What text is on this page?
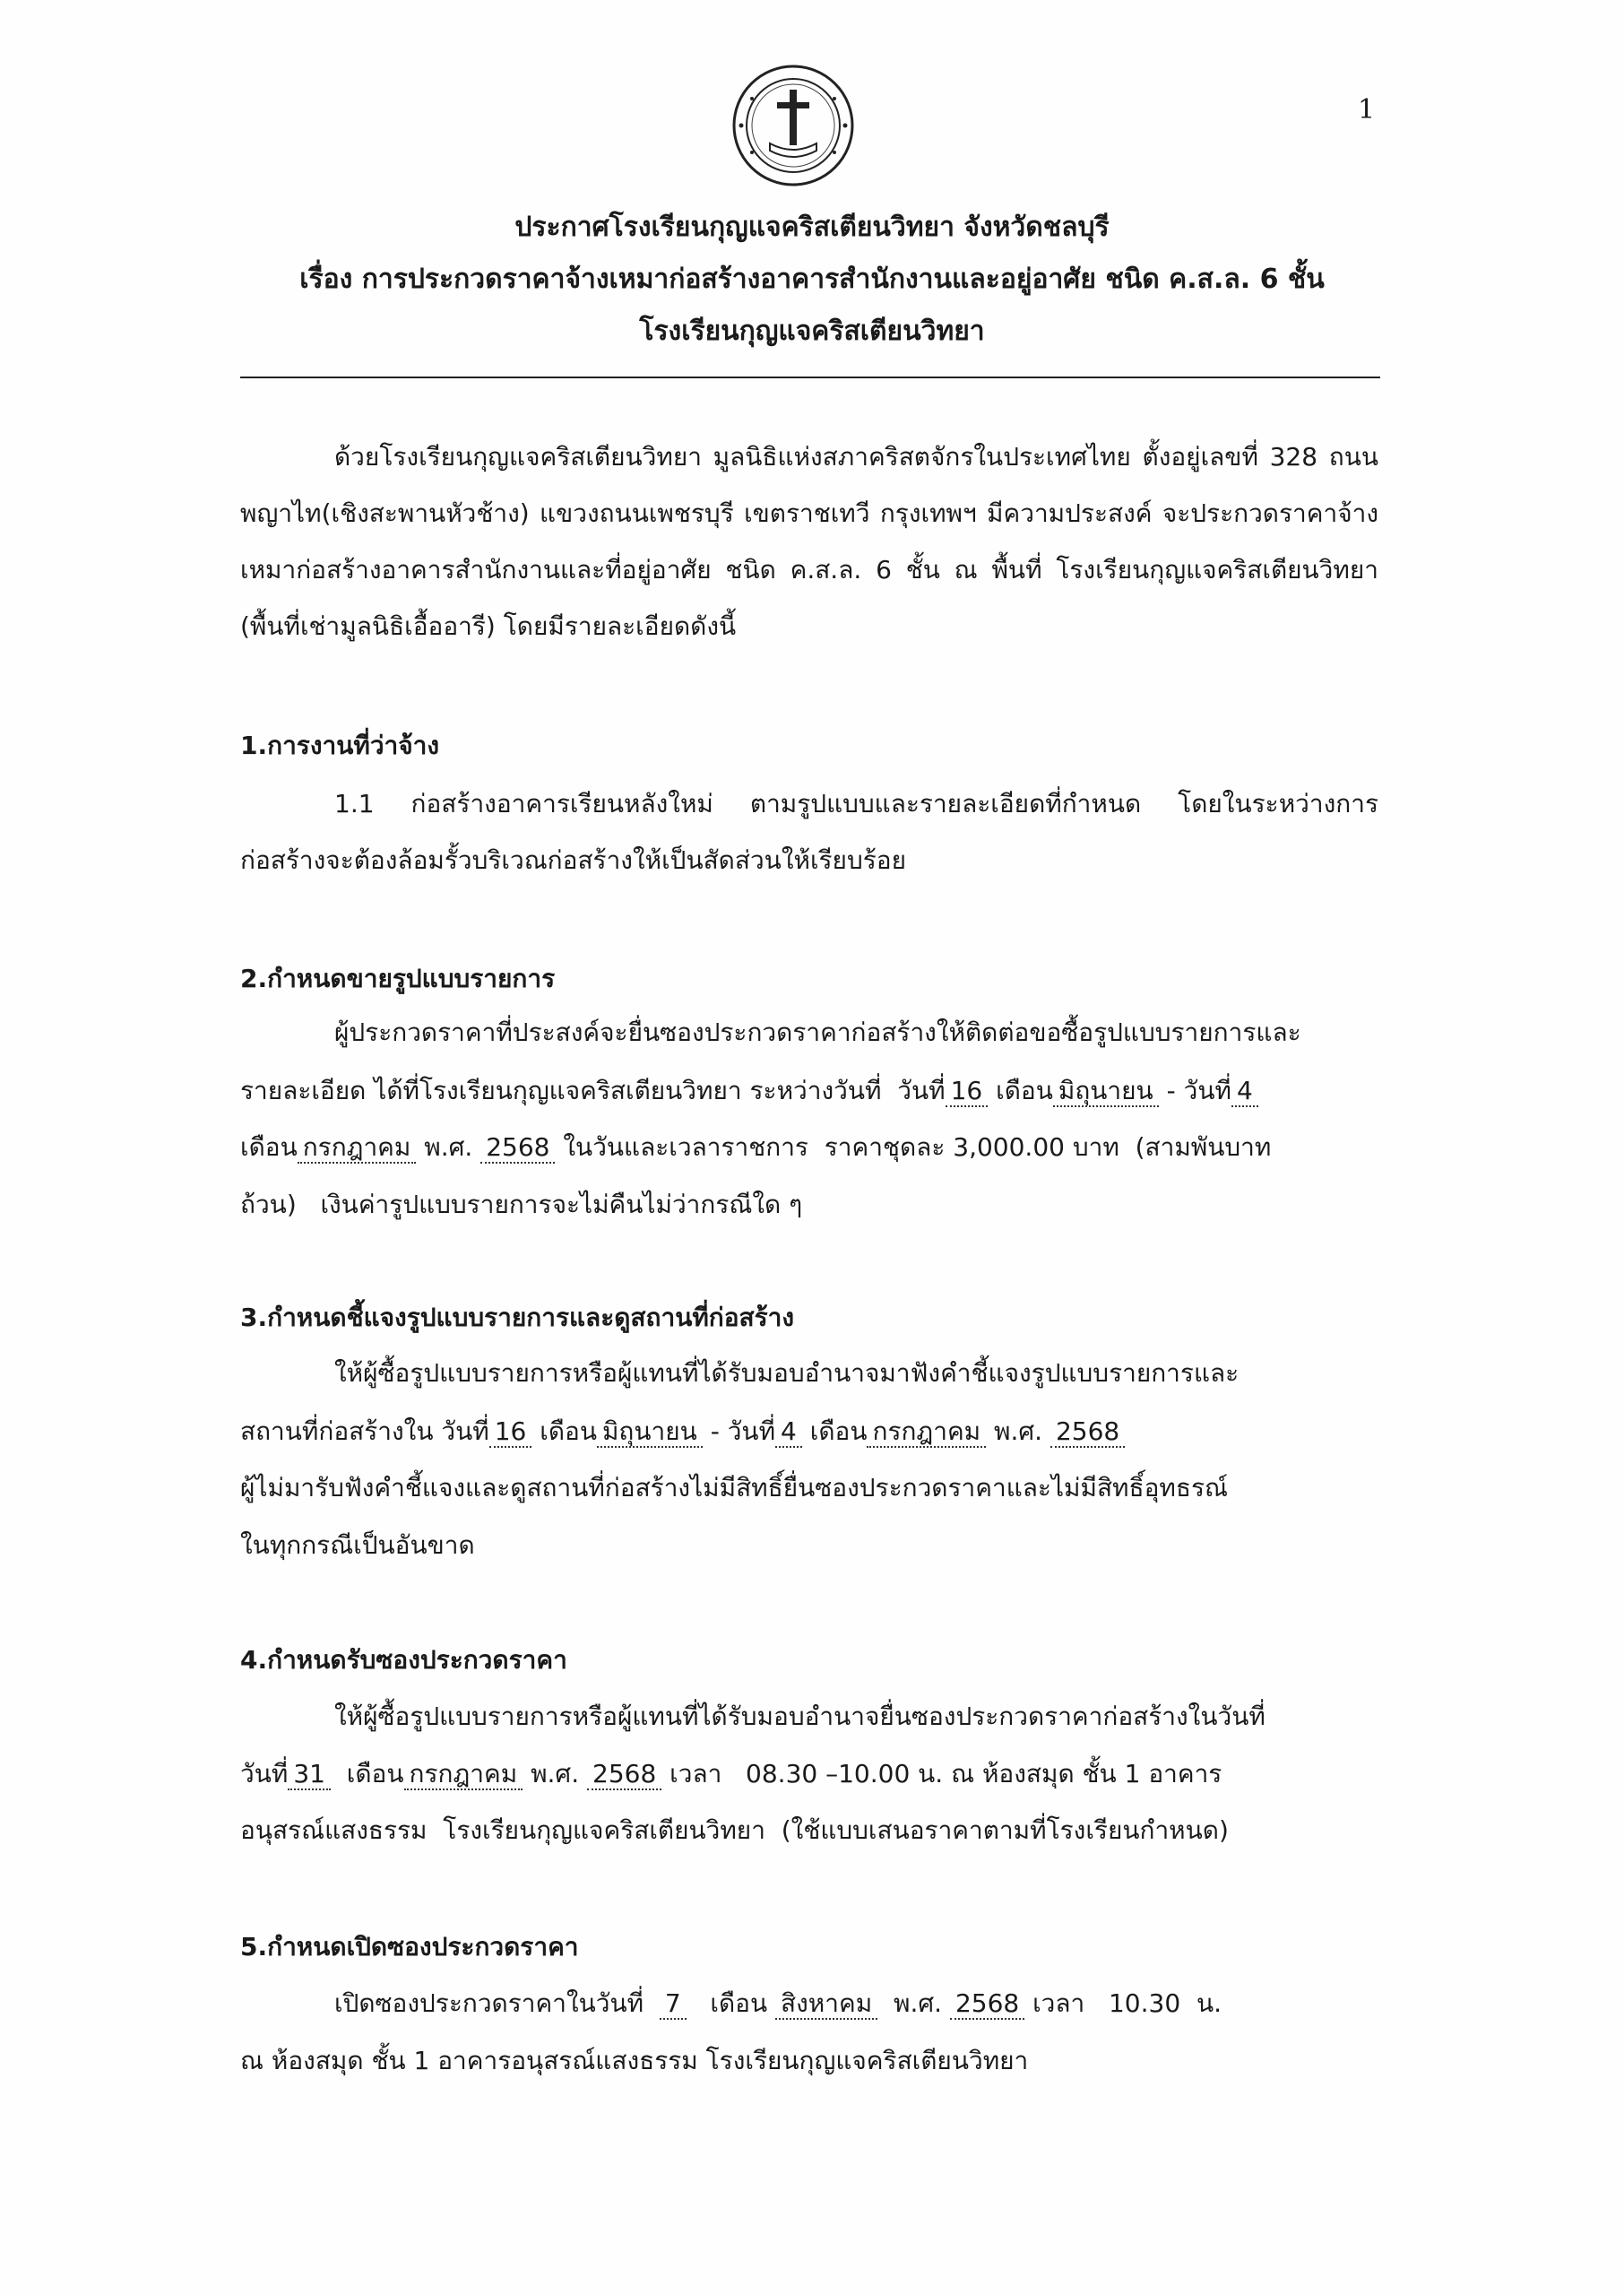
1
ประกาศโรงเรียนกุญแจคริสเตียนวิทยา จังหวัดชลบุรี
เรื่อง การประกวดราคาจ้างเหมาก่อสร้างอาคารสำนักงานและอยู่อาศัย ชนิด ค.ส.ล. 6 ชั้น
โรงเรียนกุญแจคริสเตียนวิทยา
ด้วยโรงเรียนกุญแจคริสเตียนวิทยา มูลนิธิแห่งสภาคริสตจักรในประเทศไทย ตั้งอยู่เลขที่ 328 ถนนพญาไท(เชิงสะพานหัวช้าง) แขวงถนนเพชรบุรี เขตราชเทวี กรุงเทพฯ มีความประสงค์ จะประกวดราคาจ้างเหมาก่อสร้างอาคารสำนักงานและที่อยู่อาศัย ชนิด ค.ส.ล. 6 ชั้น ณ พื้นที่ โรงเรียนกุญแจคริสเตียนวิทยา (พื้นที่เช่ามูลนิธิเอื้ออารี) โดยมีรายละเอียดดังนี้
1.การงานที่ว่าจ้าง
1.1 ก่อสร้างอาคารเรียนหลังใหม่ ตามรูปแบบและรายละเอียดที่กำหนด โดยในระหว่างการ ก่อสร้างจะต้องล้อมรั้วบริเวณก่อสร้างให้เป็นสัดส่วนให้เรียบร้อย
2.กำหนดขายรูปแบบรายการ
ผู้ประกวดราคาที่ประสงค์จะยื่นซองประกวดราคาก่อสร้างให้ติดต่อขอซื้อรูปแบบรายการและ
รายละเอียด ได้ที่โรงเรียนกุญแจคริสเตียนวิทยา ระหว่างวันที่  วันที่ 16 เดือน มิถุนายน - วันที่ 4
เดือน กรกฎาคม พ.ศ. 2568 ในวันและเวลาราชการ  ราคาชุดละ 3,000.00 บาท  (สามพันบาท
ถ้วน)   เงินค่ารูปแบบรายการจะไม่คืนไม่ว่ากรณีใด ๆ
3.กำหนดชี้แจงรูปแบบรายการและดูสถานที่ก่อสร้าง
ให้ผู้ซื้อรูปแบบรายการหรือผู้แทนที่ได้รับมอบอำนาจมาฟังคำชี้แจงรูปแบบรายการและ
สถานที่ก่อสร้างใน วันที่ 16 เดือน มิถุนายน - วันที่ 4 เดือน กรกฎาคม พ.ศ. 2568
ผู้ไม่มารับฟังคำชี้แจงและดูสถานที่ก่อสร้างไม่มีสิทธิ์ยื่นซองประกวดราคาและไม่มีสิทธิ์อุทธรณ์
ในทุกกรณีเป็นอันขาด
4.กำหนดรับซองประกวดราคา
ให้ผู้ซื้อรูปแบบรายการหรือผู้แทนที่ได้รับมอบอำนาจยื่นซองประกวดราคาก่อสร้างในวันที่
วันที่ 31 เดือน กรกฎาคม พ.ศ. 2568 เวลา   08.30 –10.00 น. ณ ห้องสมุด ชั้น 1 อาคาร
อนุสรณ์แสงธรรม  โรงเรียนกุญแจคริสเตียนวิทยา  (ใช้แบบเสนอราคาตามที่โรงเรียนกำหนด)
5.กำหนดเปิดซองประกวดราคา
เปิดซองประกวดราคาในวันที่ 7 เดือน สิงหาคม พ.ศ. 2568 เวลา   10.30  น.
ณ ห้องสมุด ชั้น 1 อาคารอนุสรณ์แสงธรรม โรงเรียนกุญแจคริสเตียนวิทยา
